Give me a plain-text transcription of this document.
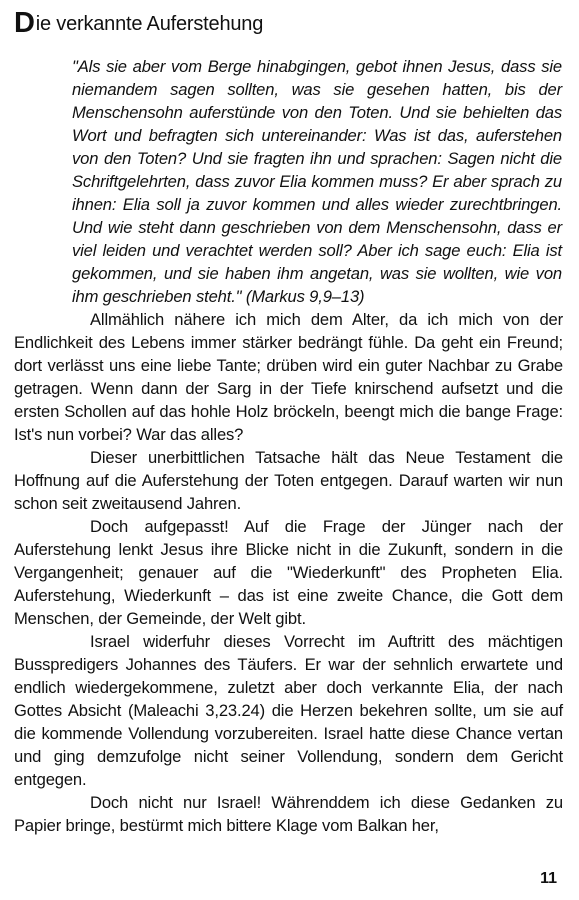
Die verkannte Auferstehung

"Als sie aber vom Berge hinabgingen, gebot ihnen Jesus, dass sie niemandem sagen sollten, was sie gesehen hatten, bis der Menschensohn auferstünde von den Toten. Und sie behielten das Wort und befragten sich untereinander: Was ist das, auferstehen von den Toten? Und sie fragten ihn und sprachen: Sagen nicht die Schriftgelehrten, dass zuvor Elia kommen muss? Er aber sprach zu ihnen: Elia soll ja zuvor kommen und alles wieder zurechtbringen. Und wie steht dann geschrieben von dem Menschensohn, dass er viel leiden und verachtet werden soll? Aber ich sage euch: Elia ist gekommen, und sie haben ihm angetan, was sie wollten, wie von ihm geschrieben steht." (Markus 9,9–13)

Allmählich nähere ich mich dem Alter, da ich mich von der Endlichkeit des Lebens immer stärker bedrängt fühle. Da geht ein Freund; dort verlässt uns eine liebe Tante; drüben wird ein guter Nachbar zu Grabe getragen. Wenn dann der Sarg in der Tiefe knirschend aufsetzt und die ersten Schollen auf das hohle Holz bröckeln, beengt mich die bange Frage: Ist's nun vorbei? War das alles?

Dieser unerbittlichen Tatsache hält das Neue Testament die Hoffnung auf die Auferstehung der Toten entgegen. Darauf warten wir nun schon seit zweitausend Jahren.

Doch aufgepasst! Auf die Frage der Jünger nach der Auferstehung lenkt Jesus ihre Blicke nicht in die Zukunft, sondern in die Vergangenheit; genauer auf die "Wiederkunft" des Propheten Elia. Auferstehung, Wiederkunft – das ist eine zweite Chance, die Gott dem Menschen, der Gemeinde, der Welt gibt.

Israel widerfuhr dieses Vorrecht im Auftritt des mächtigen Busspredigers Johannes des Täufers. Er war der sehnlich erwartete und endlich wiedergekommene, zuletzt aber doch verkannte Elia, der nach Gottes Absicht (Maleachi 3,23.24) die Herzen bekehren sollte, um sie auf die kommende Vollendung vorzubereiten. Israel hatte diese Chance vertan und ging demzufolge nicht seiner Vollendung, sondern dem Gericht entgegen.

Doch nicht nur Israel! Währenddem ich diese Gedanken zu Papier bringe, bestürmt mich bittere Klage vom Balkan her,

11
